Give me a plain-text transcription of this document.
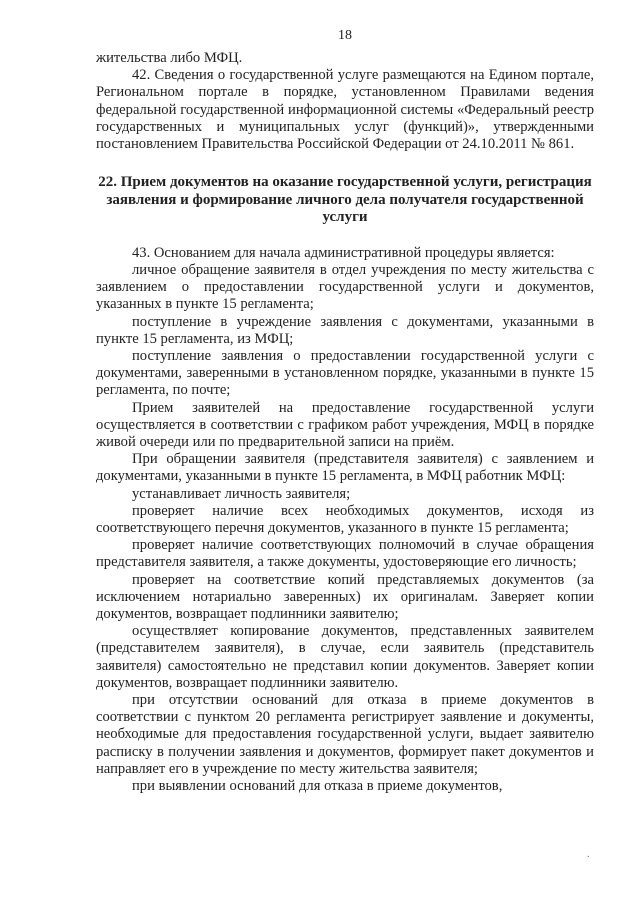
18

жительства либо МФЦ.

42. Сведения о государственной услуге размещаются на Едином портале, Региональном портале в порядке, установленном Правилами ведения федеральной государственной информационной системы «Федеральный реестр государственных и муниципальных услуг (функций)», утвержденными постановлением Правительства Российской Федерации от 24.10.2011 № 861.

22. Прием документов на оказание государственной услуги, регистрация заявления и формирование личного дела получателя государственной услуги

43. Основанием для начала административной процедуры является:

личное обращение заявителя в отдел учреждения по месту жительства с заявлением о предоставлении государственной услуги и документов, указанных в пункте 15 регламента;

поступление в учреждение заявления с документами, указанными в пункте 15 регламента, из МФЦ;

поступление заявления о предоставлении государственной услуги с документами, заверенными в установленном порядке, указанными в пункте 15 регламента, по почте;

Прием заявителей на предоставление государственной услуги осуществляется в соответствии с графиком работ учреждения, МФЦ в порядке живой очереди или по предварительной записи на приём.

При обращении заявителя (представителя заявителя) с заявлением и документами, указанными в пункте 15 регламента, в МФЦ работник МФЦ:

устанавливает личность заявителя;

проверяет наличие всех необходимых документов, исходя из соответствующего перечня документов, указанного в пункте 15 регламента;

проверяет наличие соответствующих полномочий в случае обращения представителя заявителя, а также документы, удостоверяющие его личность;

проверяет на соответствие копий представляемых документов (за исключением нотариально заверенных) их оригиналам. Заверяет копии документов, возвращает подлинники заявителю;

осуществляет копирование документов, представленных заявителем (представителем заявителя), в случае, если заявитель (представитель заявителя) самостоятельно не представил копии документов. Заверяет копии документов, возвращает подлинники заявителю.

при отсутствии оснований для отказа в приеме документов в соответствии с пунктом 20 регламента регистрирует заявление и документы, необходимые для предоставления государственной услуги, выдает заявителю расписку в получении заявления и документов, формирует пакет документов и направляет его в учреждение по месту жительства заявителя;

при выявлении оснований для отказа в приеме документов,

·
